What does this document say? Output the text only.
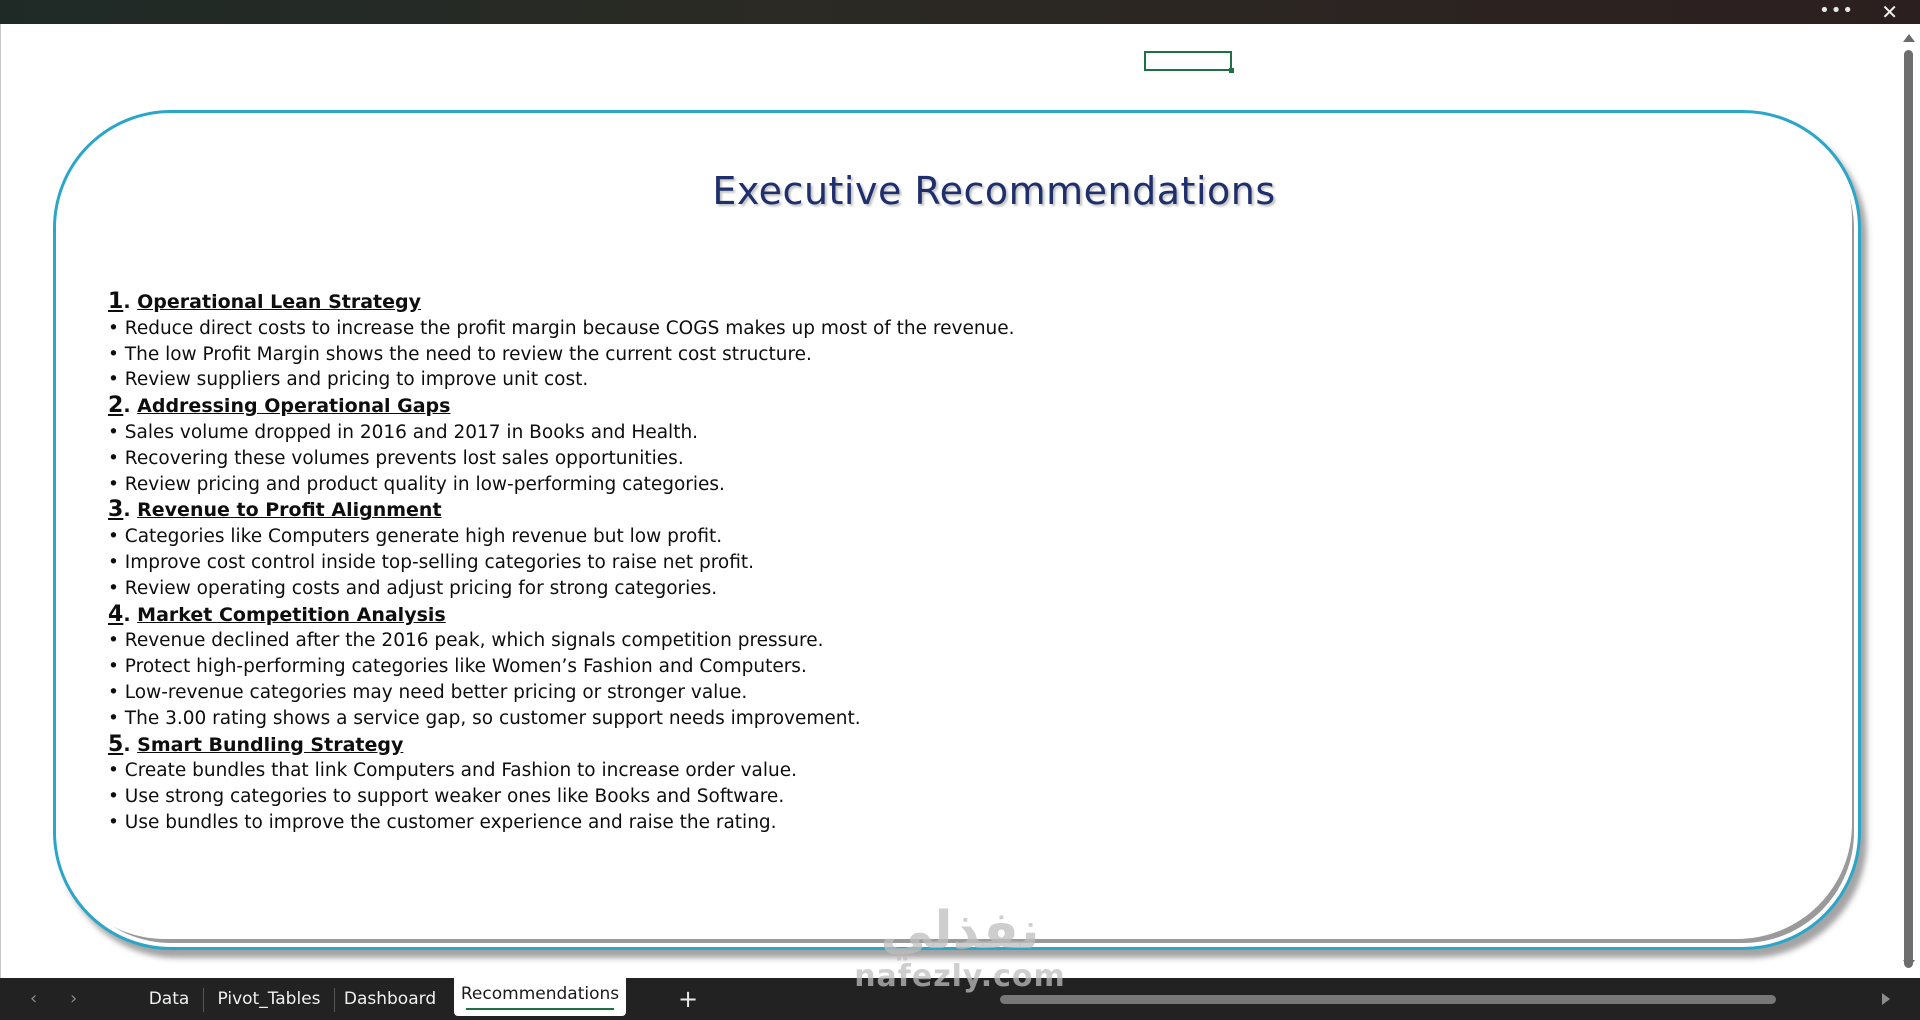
••• ✕
Executive Recommendations
1. Operational Lean Strategy
• Reduce direct costs to increase the profit margin because COGS makes up most of the revenue.
• The low Profit Margin shows the need to review the current cost structure.
• Review suppliers and pricing to improve unit cost.
2. Addressing Operational Gaps
• Sales volume dropped in 2016 and 2017 in Books and Health.
• Recovering these volumes prevents lost sales opportunities.
• Review pricing and product quality in low-performing categories.
3. Revenue to Profit Alignment
• Categories like Computers generate high revenue but low profit.
• Improve cost control inside top-selling categories to raise net profit.
• Review operating costs and adjust pricing for strong categories.
4. Market Competition Analysis
• Revenue declined after the 2016 peak, which signals competition pressure.
• Protect high-performing categories like Women’s Fashion and Computers.
• Low-revenue categories may need better pricing or stronger value.
• The 3.00 rating shows a service gap, so customer support needs improvement.
5. Smart Bundling Strategy
• Create bundles that link Computers and Fashion to increase order value.
• Use strong categories to support weaker ones like Books and Software.
• Use bundles to improve the customer experience and raise the rating.
‹ ›	Data	Pivot_Tables	Dashboard	Recommendations +
نفذلي
nafezly.com
